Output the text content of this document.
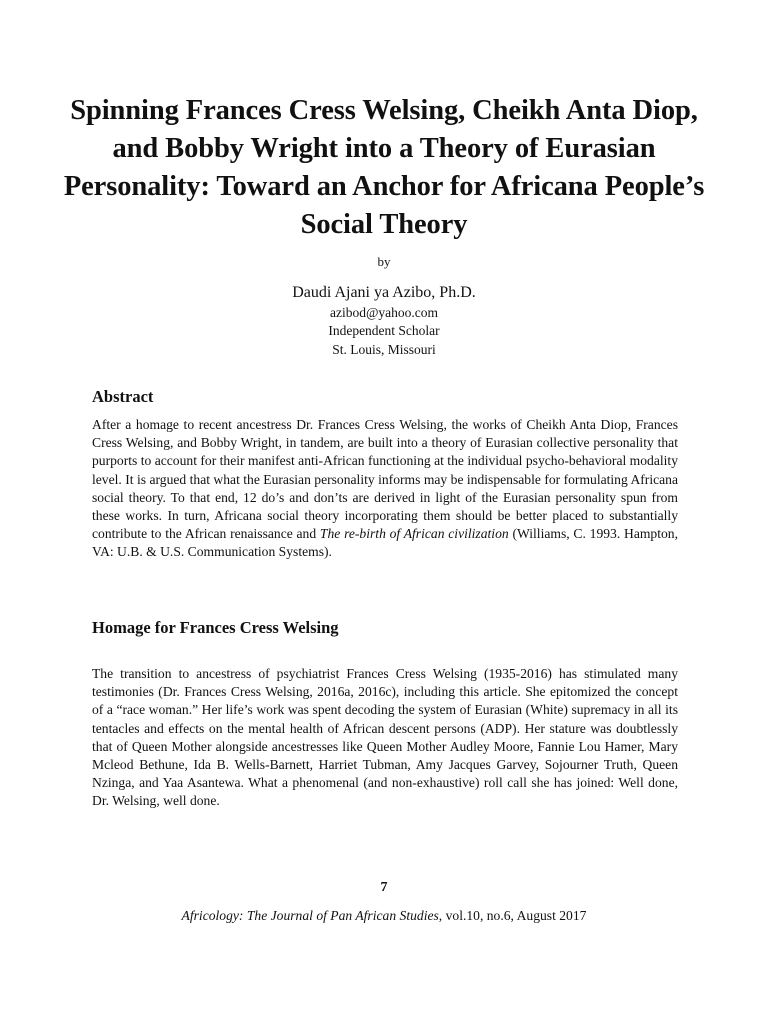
Spinning Frances Cress Welsing, Cheikh Anta Diop, and Bobby Wright into a Theory of Eurasian Personality: Toward an Anchor for Africana People’s Social Theory
by
Daudi Ajani ya Azibo, Ph.D.
azibod@yahoo.com
Independent Scholar
St. Louis, Missouri
Abstract

After a homage to recent ancestress Dr. Frances Cress Welsing, the works of Cheikh Anta Diop, Frances Cress Welsing, and Bobby Wright, in tandem, are built into a theory of Eurasian collective personality that purports to account for their manifest anti-African functioning at the individual psycho-behavioral modality level. It is argued that what the Eurasian personality informs may be indispensable for formulating Africana social theory. To that end, 12 do’s and don’ts are derived in light of the Eurasian personality spun from these works. In turn, Africana social theory incorporating them should be better placed to substantially contribute to the African renaissance and The re-birth of African civilization (Williams, C. 1993. Hampton, VA: U.B. & U.S. Communication Systems).

Homage for Frances Cress Welsing

The transition to ancestress of psychiatrist Frances Cress Welsing (1935-2016) has stimulated many testimonies (Dr. Frances Cress Welsing, 2016a, 2016c), including this article. She epitomized the concept of a “race woman.” Her life’s work was spent decoding the system of Eurasian (White) supremacy in all its tentacles and effects on the mental health of African descent persons (ADP). Her stature was doubtlessly that of Queen Mother alongside ancestresses like Queen Mother Audley Moore, Fannie Lou Hamer, Mary Mcleod Bethune, Ida B. Wells-Barnett, Harriet Tubman, Amy Jacques Garvey, Sojourner Truth, Queen Nzinga, and Yaa Asantewa. What a phenomenal (and non-exhaustive) roll call she has joined: Well done, Dr. Welsing, well done.

7
Africology: The Journal of Pan African Studies, vol.10, no.6, August 2017
